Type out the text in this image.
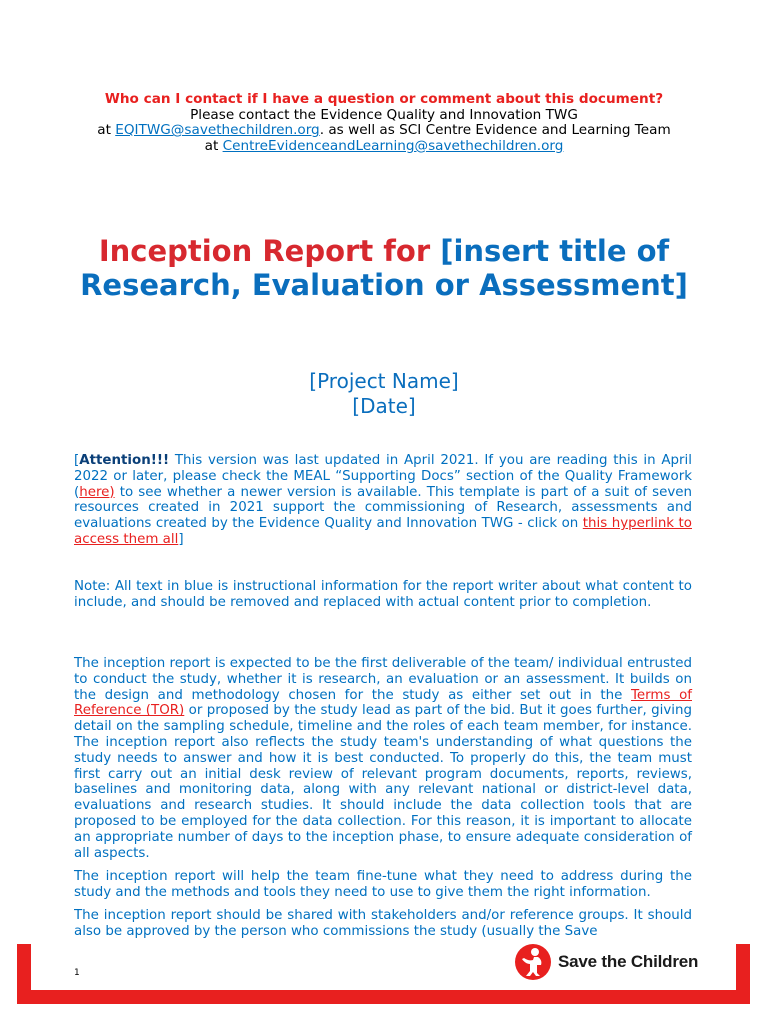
Who can I contact if I have a question or comment about this document?
Please contact the Evidence Quality and Innovation TWG
at EQITWG@savethechildren.org. as well as SCI Centre Evidence and Learning Team
at CentreEvidenceandLearning@savethechildren.org
Inception Report for [insert title of Research, Evaluation or Assessment]
[Project Name]
[Date]

[Attention!!! This version was last updated in April 2021. If you are reading this in April 2022 or later, please check the MEAL “Supporting Docs” section of the Quality Framework (here) to see whether a newer version is available. This template is part of a suit of seven resources created in 2021 support the commissioning of Research, assessments and evaluations created by the Evidence Quality and Innovation TWG - click on this hyperlink to access them all]

Note: All text in blue is instructional information for the report writer about what content to include, and should be removed and replaced with actual content prior to completion.

The inception report is expected to be the first deliverable of the team/ individual entrusted to conduct the study, whether it is research, an evaluation or an assessment. It builds on the design and methodology chosen for the study as either set out in the Terms of Reference (TOR) or proposed by the study lead as part of the bid. But it goes further, giving detail on the sampling schedule, timeline and the roles of each team member, for instance. The inception report also reflects the study team's understanding of what questions the study needs to answer and how it is best conducted. To properly do this, the team must first carry out an initial desk review of relevant program documents, reports, reviews, baselines and monitoring data, along with any relevant national or district-level data, evaluations and research studies. It should include the data collection tools that are proposed to be employed for the data collection. For this reason, it is important to allocate an appropriate number of days to the inception phase, to ensure adequate consideration of all aspects.

The inception report will help the team fine-tune what they need to address during the study and the methods and tools they need to use to give them the right information.

The inception report should be shared with stakeholders and/or reference groups. It should also be approved by the person who commissions the study (usually the Save

1
Save the Children
